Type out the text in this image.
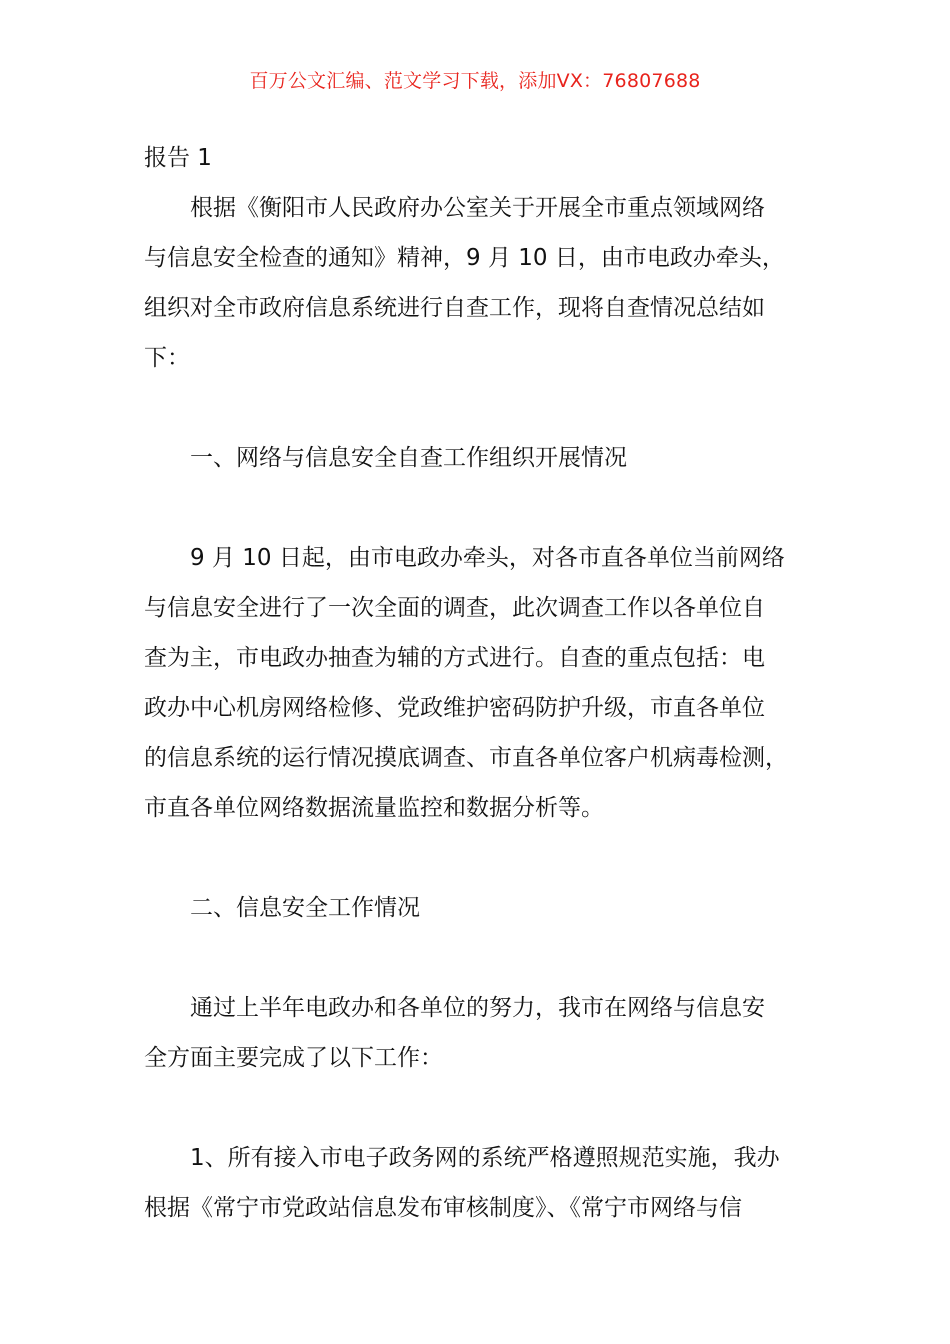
百万公文汇编、范文学习下载，添加VX：76807688

报告 1

根据《衡阳市人民政府办公室关于开展全市重点领域网络

与信息安全检查的通知》精神，9 月 10 日，由市电政办牵头，

组织对全市政府信息系统进行自查工作，现将自查情况总结如

下：

一、网络与信息安全自查工作组织开展情况

9 月 10 日起，由市电政办牵头，对各市直各单位当前网络

与信息安全进行了一次全面的调查，此次调查工作以各单位自

查为主，市电政办抽查为辅的方式进行。自查的重点包括：电

政办中心机房网络检修、党政维护密码防护升级，市直各单位

的信息系统的运行情况摸底调查、市直各单位客户机病毒检测，

市直各单位网络数据流量监控和数据分析等。

二、信息安全工作情况

通过上半年电政办和各单位的努力，我市在网络与信息安

全方面主要完成了以下工作：

1、所有接入市电子政务网的系统严格遵照规范实施，我办

根据《常宁市党政站信息发布审核制度》、《常宁市网络与信
